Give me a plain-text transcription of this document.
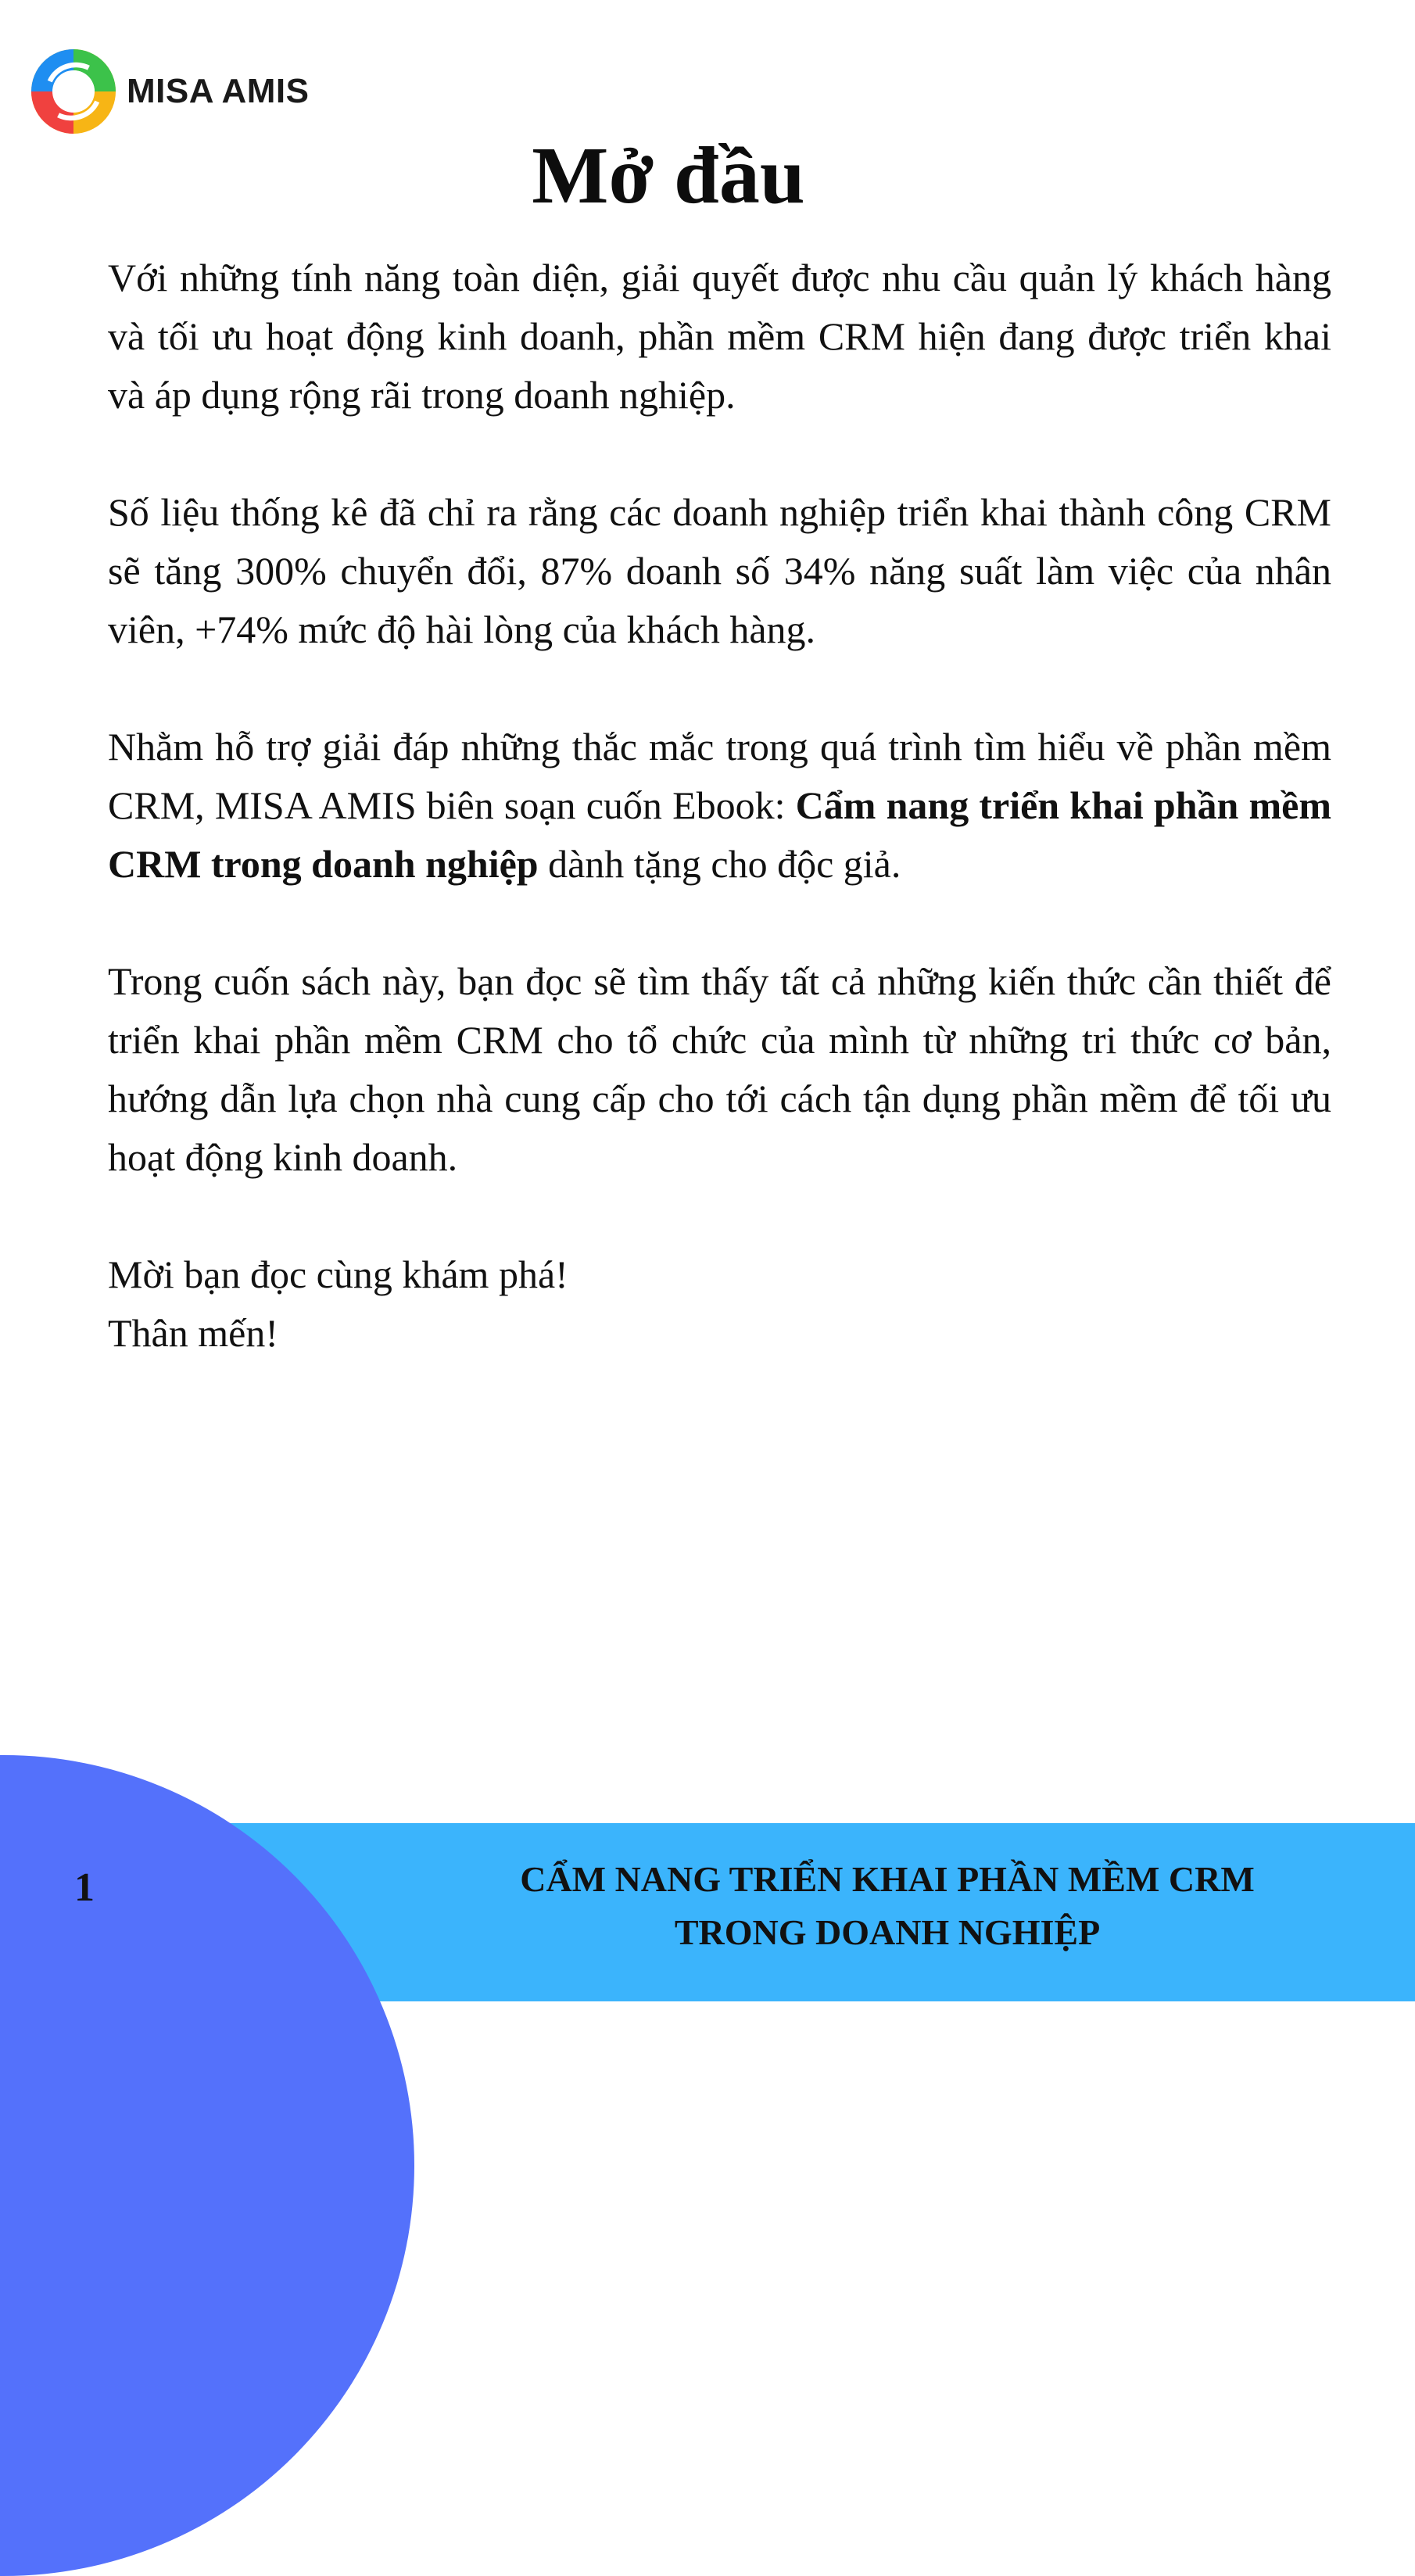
MISA AMIS
Mở đầu

Với những tính năng toàn diện, giải quyết được nhu cầu quản lý khách hàng và tối ưu hoạt động kinh doanh, phần mềm CRM hiện đang được triển khai và áp dụng rộng rãi trong doanh nghiệp.

Số liệu thống kê đã chỉ ra rằng các doanh nghiệp triển khai thành công CRM sẽ tăng 300% chuyển đổi, 87% doanh số 34% năng suất làm việc của nhân viên, +74% mức độ hài lòng của khách hàng.

Nhằm hỗ trợ giải đáp những thắc mắc trong quá trình tìm hiểu về phần mềm CRM, MISA AMIS biên soạn cuốn Ebook: Cẩm nang triển khai phần mềm CRM trong doanh nghiệp dành tặng cho độc giả.

Trong cuốn sách này, bạn đọc sẽ tìm thấy tất cả những kiến thức cần thiết để triển khai phần mềm CRM cho tổ chức của mình từ những tri thức cơ bản, hướng dẫn lựa chọn nhà cung cấp cho tới cách tận dụng phần mềm để tối ưu hoạt động kinh doanh.

Mời bạn đọc cùng khám phá!

Thân mến!

1	CẨM NANG TRIỂN KHAI PHẦN MỀM CRM
TRONG DOANH NGHIỆP
